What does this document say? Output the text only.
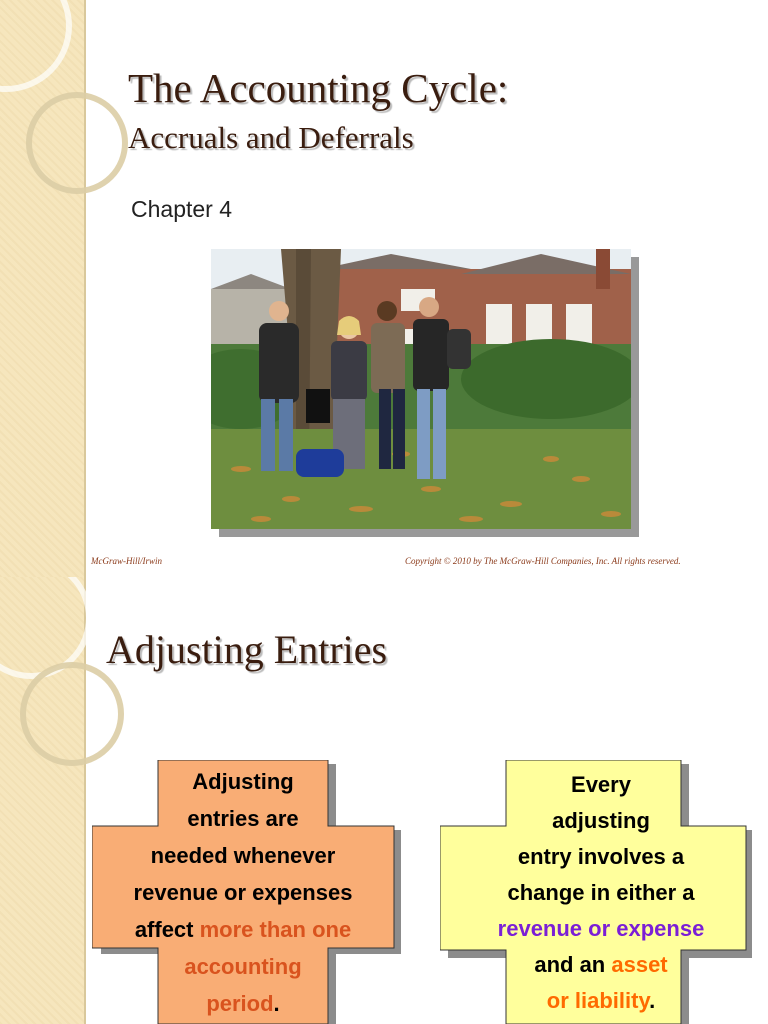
The Accounting Cycle:
Accruals and Deferrals
Chapter 4
McGraw-Hill/Irwin	Copyright © 2010 by The McGraw-Hill Companies, Inc. All rights reserved.
Adjusting Entries
Adjusting
entries are
needed whenever
revenue or expenses
affect more than one
accounting
period.
Every
adjusting
entry involves a
change in either a
revenue or expense
and an asset
or liability.
